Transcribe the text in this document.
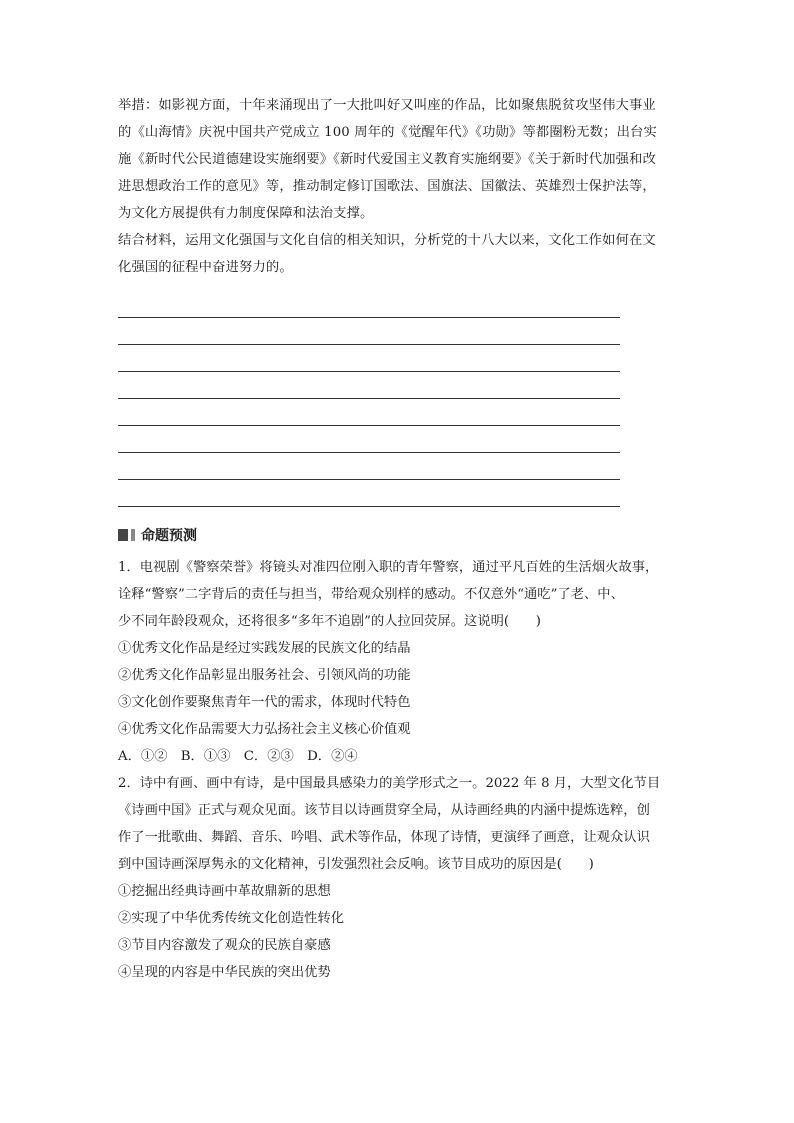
举措：如影视方面，十年来涌现出了一大批叫好又叫座的作品，比如聚焦脱贫攻坚伟大事业
的《山海情》庆祝中国共产党成立 100 周年的《觉醒年代》《功勋》等都圈粉无数；出台实
施《新时代公民道德建设实施纲要》《新时代爱国主义教育实施纲要》《关于新时代加强和改
进思想政治工作的意见》等，推动制定修订国歌法、国旗法、国徽法、英雄烈士保护法等，
为文化方展提供有力制度保障和法治支撑。

结合材料，运用文化强国与文化自信的相关知识，分析党的十八大以来，文化工作如何在文
化强国的征程中奋进努力的。

命题预测
1．电视剧《警察荣誉》将镜头对准四位刚入职的青年警察，通过平凡百姓的生活烟火故事，
诠释“警察”二字背后的责任与担当，带给观众别样的感动。不仅意外“通吃”了老、中、
少不同年龄段观众，还将很多“多年不追剧”的人拉回荧屏。这说明(　　)
①优秀文化作品是经过实践发展的民族文化的结晶
②优秀文化作品彰显出服务社会、引领风尚的功能
③文化创作要聚焦青年一代的需求，体现时代特色
④优秀文化作品需要大力弘扬社会主义核心价值观
A．①②　B．①③　C．②③　D．②④
2．诗中有画、画中有诗，是中国最具感染力的美学形式之一。2022 年 8 月，大型文化节目
《诗画中国》正式与观众见面。该节目以诗画贯穿全局，从诗画经典的内涵中提炼选粹，创
作了一批歌曲、舞蹈、音乐、吟唱、武术等作品，体现了诗情，更演绎了画意，让观众认识
到中国诗画深厚隽永的文化精神，引发强烈社会反响。该节目成功的原因是(　　)
①挖掘出经典诗画中革故鼎新的思想
②实现了中华优秀传统文化创造性转化
③节目内容激发了观众的民族自豪感
④呈现的内容是中华民族的突出优势
